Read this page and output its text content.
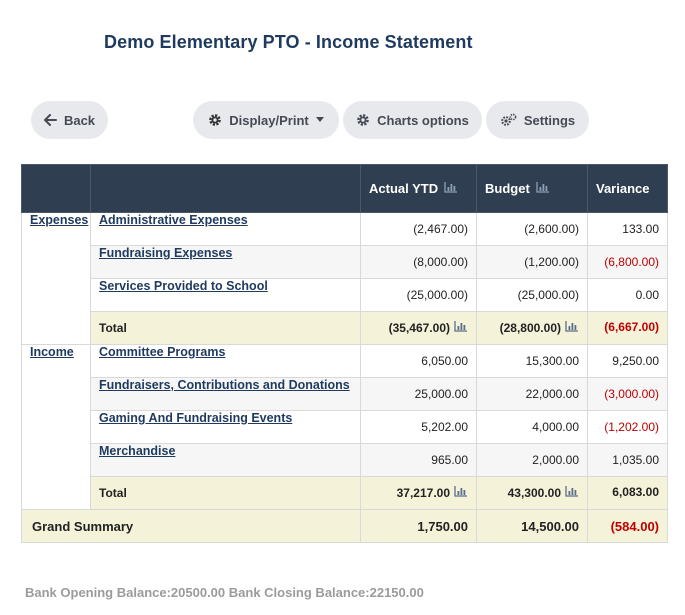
Demo Elementary PTO - Income Statement
Back	Display/Print	Charts options	Settings

		Actual YTD	Budget	Variance
Expenses	Administrative Expenses	(2,467.00)	(2,600.00)	133.00
	Fundraising Expenses	(8,000.00)	(1,200.00)	(6,800.00)
	Services Provided to School	(25,000.00)	(25,000.00)	0.00
	Total	(35,467.00)	(28,800.00)	(6,667.00)
Income	Committee Programs	6,050.00	15,300.00	9,250.00
	Fundraisers, Contributions and Donations	25,000.00	22,000.00	(3,000.00)
	Gaming And Fundraising Events	5,202.00	4,000.00	(1,202.00)
	Merchandise	965.00	2,000.00	1,035.00
	Total	37,217.00	43,300.00	6,083.00
Grand Summary		1,750.00	14,500.00	(584.00)
Bank Opening Balance:20500.00 Bank Closing Balance:22150.00
